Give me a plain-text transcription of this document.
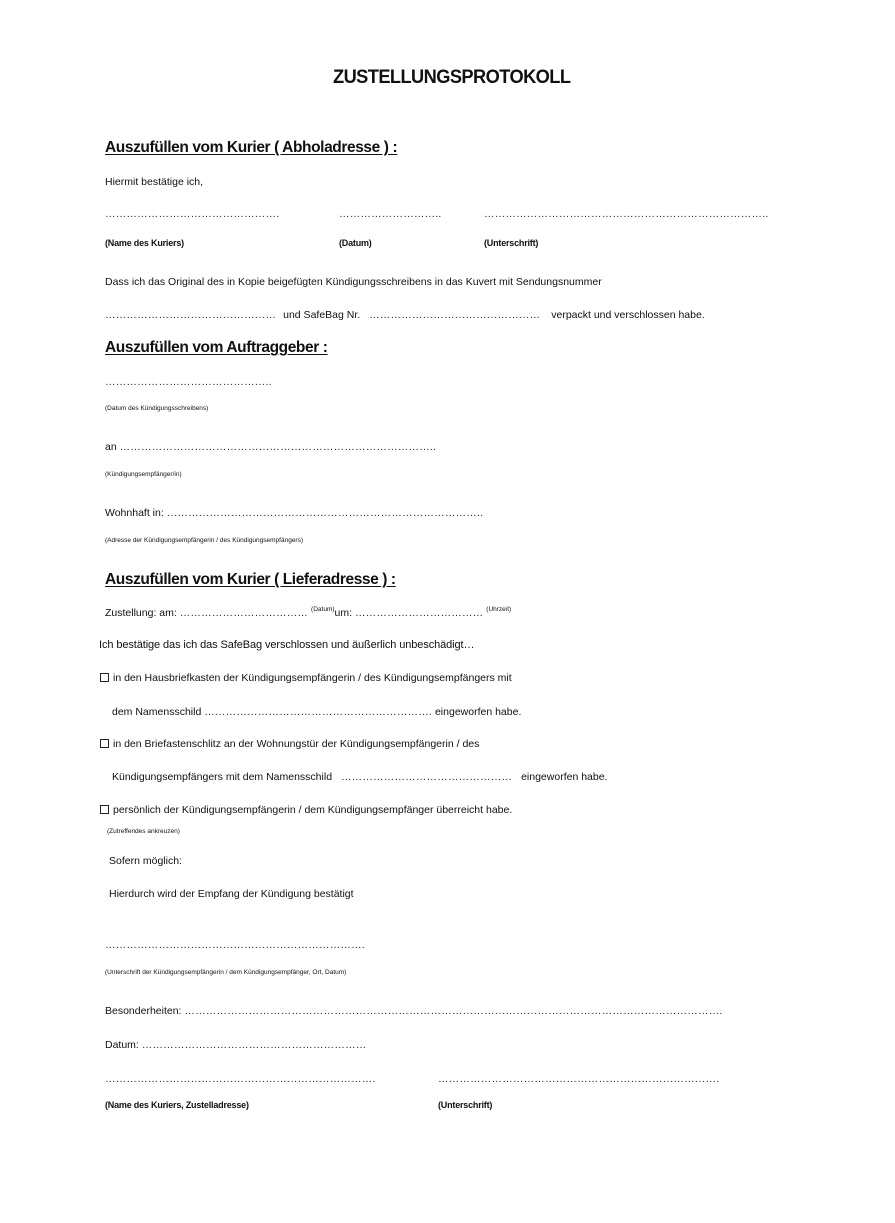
ZUSTELLUNGSPROTOKOLL
Auszufüllen vom Kurier ( Abholadresse ) :
Hiermit bestätige ich,
………………………………………….	………………………..	……………………………………………………………………..
(Name des Kuriers)	(Datum)	(Unterschrift)
Dass ich das Original des in Kopie beigefügten Kündigungsschreibens in das Kuvert mit Sendungsnummer
………………………………………… und SafeBag Nr. ………………………………………… verpackt und verschlossen habe.
Auszufüllen vom Auftraggeber :
………………………………………..
(Datum des Kündigungsschreibens)
an ……………………………………………………………………………..
(Kündigungsempfänger/in)
Wohnhaft in: ……………………………………………………………………………..
(Adresse der Kündigungsempfängerin / des Kündigungsempfängers)
Auszufüllen vom Kurier ( Lieferadresse ) :
Zustellung: am: ……………………………… $^{(Datum)}$um: ……………………………… $^{(Uhrzeit)}$
Ich bestätige das ich das SafeBag verschlossen und äußerlich unbeschädigt…
in den Hausbriefkasten der Kündigungsempfängerin / des Kündigungsempfängers mit
dem Namensschild ………………………………………………………. eingeworfen habe.
in den Briefastenschlitz an der Wohnungstür der Kündigungsempfängerin / des
Kündigungsempfängers mit dem Namensschild ………………………………………… eingeworfen habe.
persönlich der Kündigungsempfängerin / dem Kündigungsempfänger überreicht habe.
(Zutreffendes ankreuzen)
Sofern möglich:
Hierdurch wird der Empfang der Kündigung bestätigt
……………………………………………………………….
(Unterschrift der Kündigungsempfängerin / dem Kündigungsempfänger, Ort, Datum)
Besonderheiten: …………………………………………………………………………………………………………………………………….
Datum: ………………………………………………………
………………………………………………………………….	…………………………………………………………………….
(Name des Kuriers, Zustelladresse)	(Unterschrift)
